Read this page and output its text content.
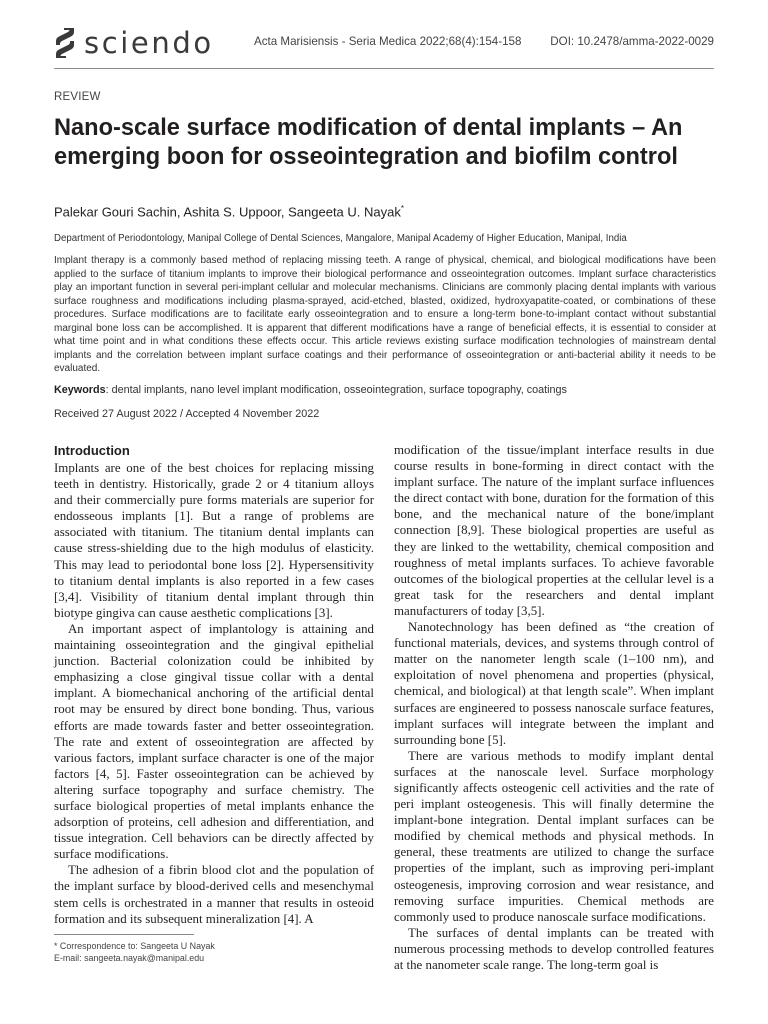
sciendo	Acta Marisiensis - Seria Medica 2022;68(4):154-158 DOI: 10.2478/amma-2022-0029
REVIEW
Nano-scale surface modification of dental implants – An emerging boon for osseointegration and biofilm control
Palekar Gouri Sachin, Ashita S. Uppoor, Sangeeta U. Nayak*
Department of Periodontology, Manipal College of Dental Sciences, Mangalore, Manipal Academy of Higher Education, Manipal, India

Implant therapy is a commonly based method of replacing missing teeth. A range of physical, chemical, and biological modifications have been applied to the surface of titanium implants to improve their biological performance and osseointegration outcomes. Implant surface characteristics play an important function in several peri-implant cellular and molecular mechanisms. Clinicians are commonly placing dental implants with various surface roughness and modifications including plasma-sprayed, acid-etched, blasted, oxidized, hydroxyapatite-coated, or combinations of these procedures. Surface modifications are to facilitate early osseointegration and to ensure a long-term bone-to-implant contact without substantial marginal bone loss can be accomplished. It is apparent that different modifications have a range of beneficial effects, it is essential to consider at what time point and in what conditions these effects occur. This article reviews existing surface modification technologies of mainstream dental implants and the correlation between implant surface coatings and their performance of osseointegration or anti-bacterial ability it needs to be evaluated.

Keywords: dental implants, nano level implant modification, osseointegration, surface topography, coatings
Received 27 August 2022 / Accepted 4 November 2022
Introduction

Implants are one of the best choices for replacing missing teeth in dentistry. Historically, grade 2 or 4 titanium alloys and their commercially pure forms materials are superior for endosseous implants [1]. But a range of problems are associated with titanium. The titanium dental implants can cause stress-shielding due to the high modulus of elasticity. This may lead to periodontal bone loss [2]. Hypersensitivity to titanium dental implants is also reported in a few cases [3,4]. Visibility of titanium dental implant through thin biotype gingiva can cause aesthetic complications [3].

An important aspect of implantology is attaining and maintaining osseointegration and the gingival epithelial junction. Bacterial colonization could be inhibited by emphasizing a close gingival tissue collar with a dental implant. A biomechanical anchoring of the artificial dental root may be ensured by direct bone bonding. Thus, various efforts are made towards faster and better osseointegration. The rate and extent of osseointegration are affected by various factors, implant surface character is one of the major factors [4, 5]. Faster osseointegration can be achieved by altering surface topography and surface chemistry. The surface biological properties of metal implants enhance the adsorption of proteins, cell adhesion and differentiation, and tissue integration. Cell behaviors can be directly affected by surface modifications.

The adhesion of a fibrin blood clot and the population of the implant surface by blood-derived cells and mesenchymal stem cells is orchestrated in a manner that results in osteoid formation and its subsequent mineralization [4]. A

modification of the tissue/implant interface results in due course results in bone-forming in direct contact with the implant surface. The nature of the implant surface influences the direct contact with bone, duration for the formation of this bone, and the mechanical nature of the bone/implant connection [8,9]. These biological properties are useful as they are linked to the wettability, chemical composition and roughness of metal implants surfaces. To achieve favorable outcomes of the biological properties at the cellular level is a great task for the researchers and dental implant manufacturers of today [3,5].

Nanotechnology has been defined as “the creation of functional materials, devices, and systems through control of matter on the nanometer length scale (1–100 nm), and exploitation of novel phenomena and properties (physical, chemical, and biological) at that length scale”. When implant surfaces are engineered to possess nanoscale surface features, implant surfaces will integrate between the implant and surrounding bone [5].

There are various methods to modify implant dental surfaces at the nanoscale level. Surface morphology significantly affects osteogenic cell activities and the rate of peri implant osteogenesis. This will finally determine the implant-bone integration. Dental implant surfaces can be modified by chemical methods and physical methods. In general, these treatments are utilized to change the surface properties of the implant, such as improving peri-implant osteogenesis, improving corrosion and wear resistance, and removing surface impurities. Chemical methods are commonly used to produce nanoscale surface modifications.

The surfaces of dental implants can be treated with numerous processing methods to develop controlled features at the nanometer scale range. The long-term goal is

* Correspondence to: Sangeeta U Nayak
E-mail: sangeeta.nayak@manipal.edu
